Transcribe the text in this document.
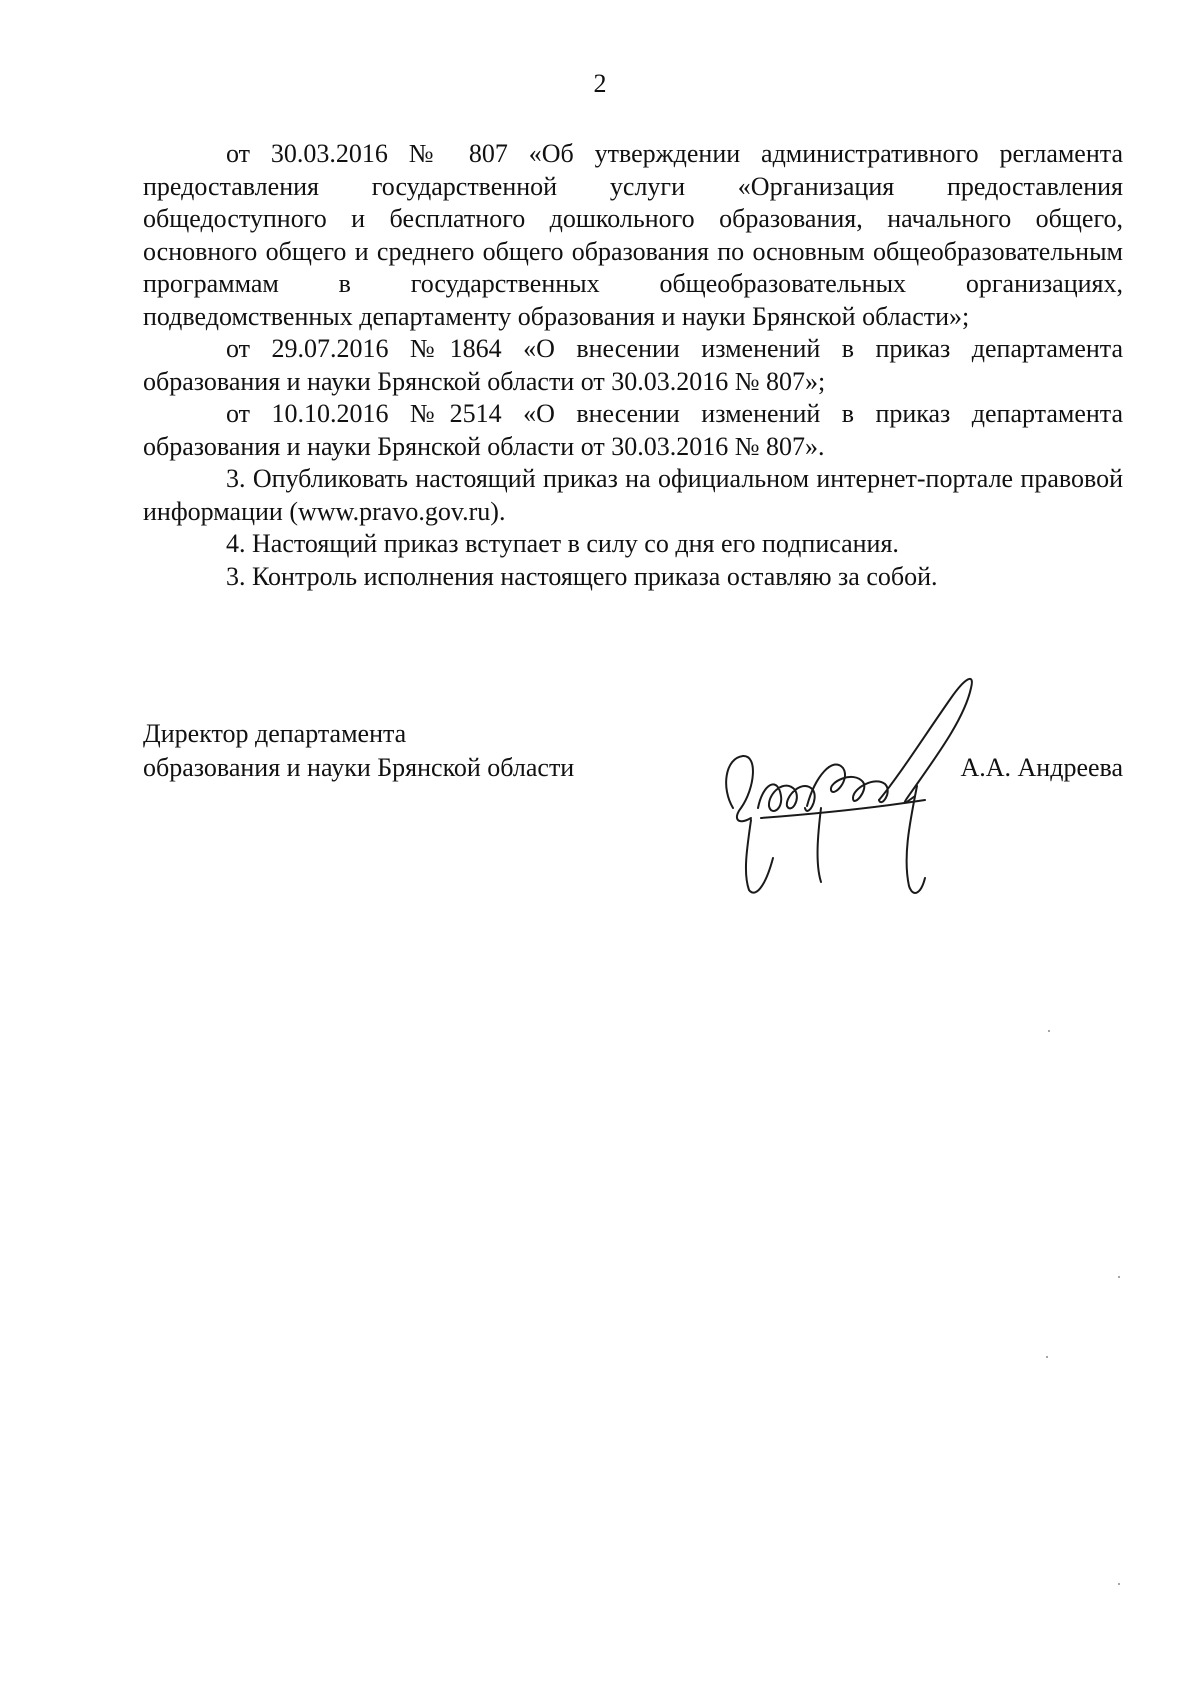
2

от 30.03.2016 № 807 «Об утверждении административного регламента предоставления государственной услуги «Организация предоставления общедоступного и бесплатного дошкольного образования, начального общего, основного общего и среднего общего образования по основным общеобразовательным программам в государственных общеобразовательных организациях, подведомственных департаменту образования и науки Брянской области»;

от 29.07.2016 №1864 «О внесении изменений в приказ департамента образования и науки Брянской области от 30.03.2016 № 807»;

от 10.10.2016 №2514 «О внесении изменений в приказ департамента образования и науки Брянской области от 30.03.2016 № 807».

3. Опубликовать настоящий приказ на официальном интернет-портале правовой информации (www.pravo.gov.ru).

4. Настоящий приказ вступает в силу со дня его подписания.

3. Контроль исполнения настоящего приказа оставляю за собой.

Директор департамента
образования и науки Брянской области	А.А. Андреева
